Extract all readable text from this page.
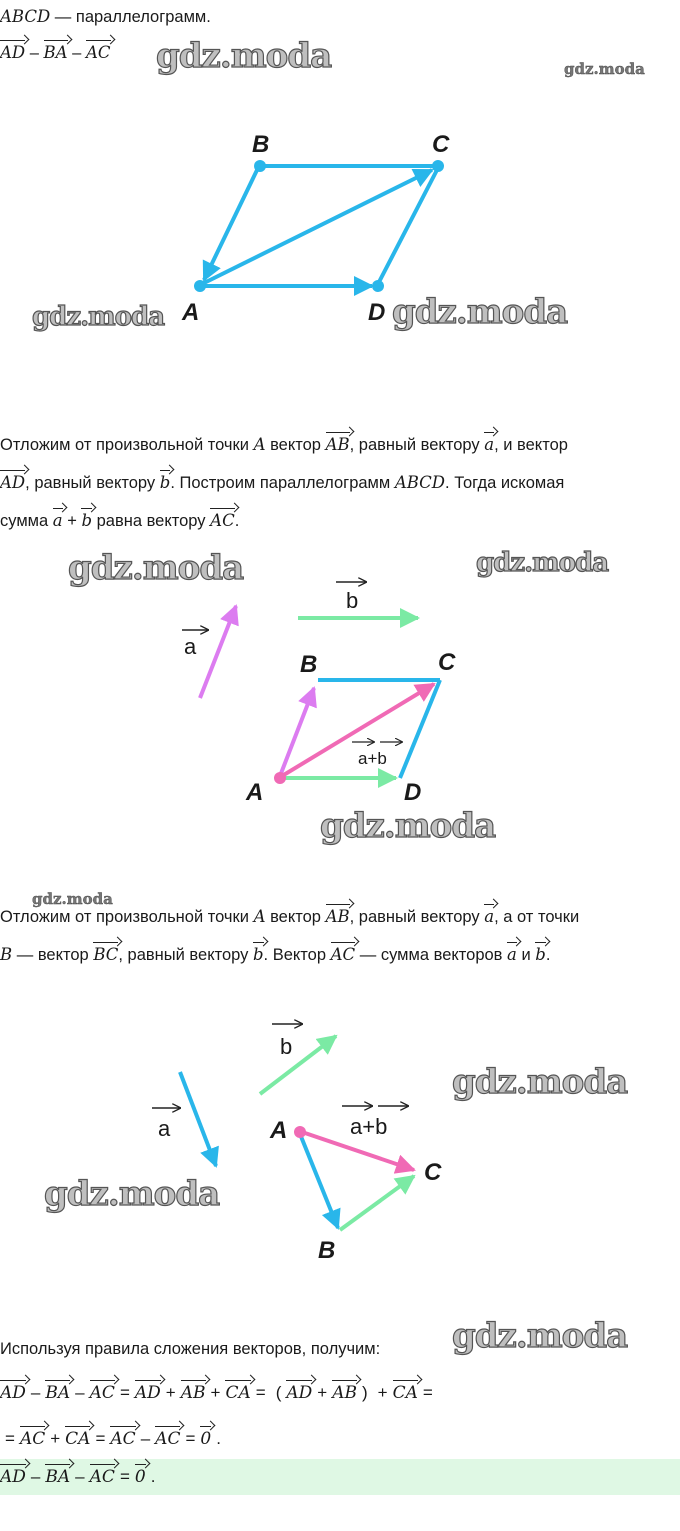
ABCD — параллелограмм.
AD – BA – AC gdz.moda	gdz.moda
A
B	C
D
gdz.moda	gdz.moda
Отложим от произвольной точки A вектор AB, равный вектору a, и вектор
AD, равный вектору b. Построим параллелограмм ABCD. Тогда искомая
сумма a + b равна вектору AC.
gdz.moda	gdz.moda
a
b
a+b
A
B	C
D
gdz.moda
gdz.moda
Отложим от произвольной точки A вектор AB, равный вектору a, а от точки
B — вектор BC, равный вектору b. Вектор AC — сумма векторов a и b.
a
b
a+b
A
B
C
gdz.moda
gdz.moda
Используя правила сложения векторов, получим: gdz.moda
AD – BA – AC = AD + AB + CA = ( AD + AB ) + CA =
= AC + CA = AC – AC = 0 .
AD – BA – AC = 0 .
